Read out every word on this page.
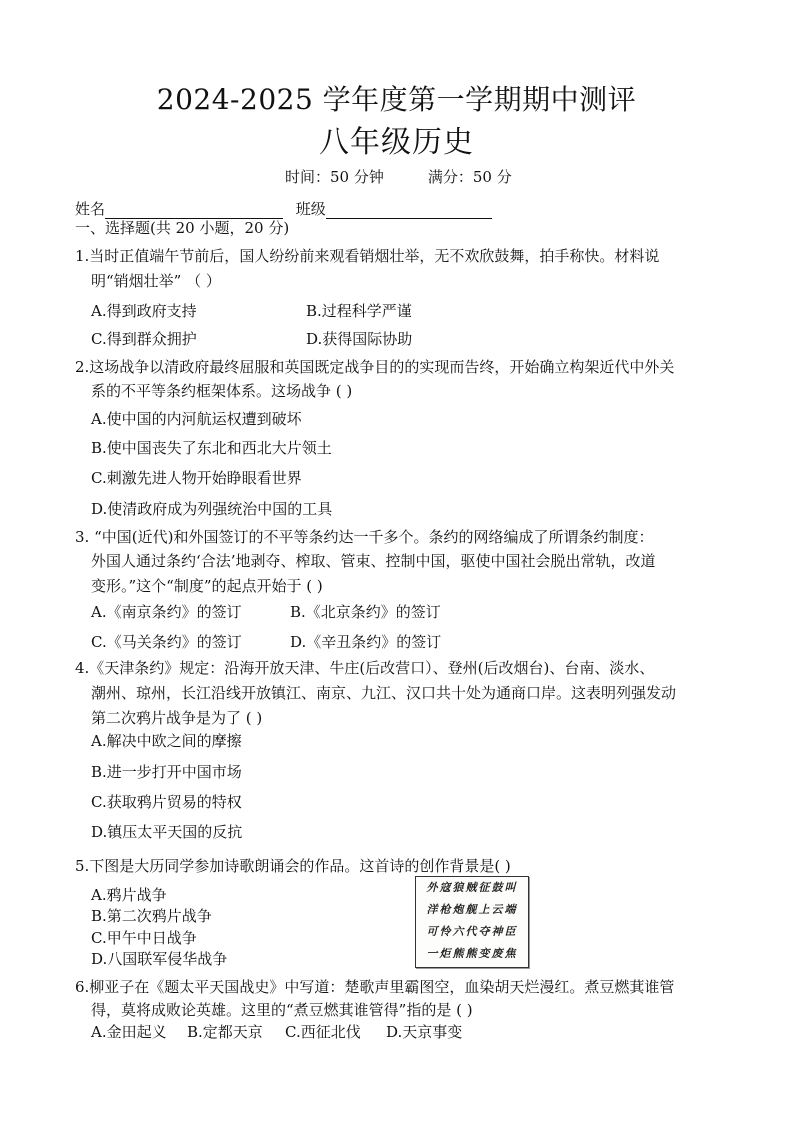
2024-2025 学年度第一学期期中测评
八年级历史
时间：50 分钟	满分：50 分
姓名	班级
一、选择题(共 20 小题，20 分)
1.当时正值端午节前后，国人纷纷前来观看销烟壮举，无不欢欣鼓舞，拍手称快。材料说
明“销烟壮举” （ ）
A.得到政府支持	B.过程科学严谨
C.得到群众拥护	D.获得国际协助
2.这场战争以清政府最终屈服和英国既定战争目的的实现而告终，开始确立构架近代中外关
系的不平等条约框架体系。这场战争 ( )
A.使中国的内河航运权遭到破坏
B.使中国丧失了东北和西北大片领土
C.刺激先进人物开始睁眼看世界
D.使清政府成为列强统治中国的工具
3. “中国(近代)和外国签订的不平等条约达一千多个。条约的网络编成了所谓条约制度：
外国人通过条约‘合法’地剥夺、榨取、管束、控制中国，驱使中国社会脱出常轨，改道
变形。”这个“制度”的起点开始于 ( )
A.《南京条约》的签订	B.《北京条约》的签订
C.《马关条约》的签订	D.《辛丑条约》的签订
4.《天津条约》规定：沿海开放天津、牛庄(后改营口）、登州(后改烟台)、台南、淡水、
潮州、琼州，长江沿线开放镇江、南京、九江、汉口共十处为通商口岸。这表明列强发动
第二次鸦片战争是为了 ( )
A.解决中欧之间的摩擦
B.进一步打开中国市场
C.获取鸦片贸易的特权
D.镇压太平天国的反抗
5.下图是大历同学参加诗歌朗诵会的作品。这首诗的创作背景是( )
A.鸦片战争
B.第二次鸦片战争
C.甲午中日战争
D.八国联军侵华战争
外寇狼贼征鼓叫
洋枪炮舰上云端
可怜六代夺神臣
一炬熊熊变废焦
6.柳亚子在《题太平天国战史》中写道：楚歌声里霸图空，血染胡天烂漫红。煮豆燃萁谁管
得，莫将成败论英雄。这里的“煮豆燃萁谁管得”指的是 ( )
A.金田起义 B.定都天京 C.西征北伐 D.天京事变
